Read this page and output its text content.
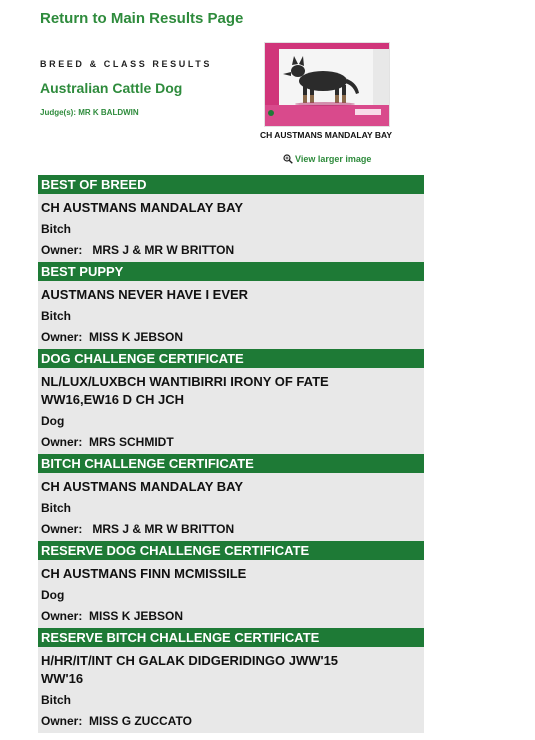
Return to Main Results Page
BREED & CLASS RESULTS
Australian Cattle Dog
Judge(s): MR K BALDWIN
CH AUSTMANS MANDALAY BAY
View larger image
BEST OF BREED
CH AUSTMANS MANDALAY BAY
Bitch
Owner: MRS J & MR W BRITTON
BEST PUPPY
AUSTMANS NEVER HAVE I EVER
Bitch
Owner: MISS K JEBSON
DOG CHALLENGE CERTIFICATE
NL/LUX/LUXBCH WANTIBIRRI IRONY OF FATE
WW16,EW16 D CH JCH
Dog
Owner: MRS SCHMIDT
BITCH CHALLENGE CERTIFICATE
CH AUSTMANS MANDALAY BAY
Bitch
Owner: MRS J & MR W BRITTON
RESERVE DOG CHALLENGE CERTIFICATE
CH AUSTMANS FINN MCMISSILE
Dog
Owner: MISS K JEBSON
RESERVE BITCH CHALLENGE CERTIFICATE
H/HR/IT/INT CH GALAK DIDGERIDINGO JWW'15
WW'16
Bitch
Owner: MISS G ZUCCATO
